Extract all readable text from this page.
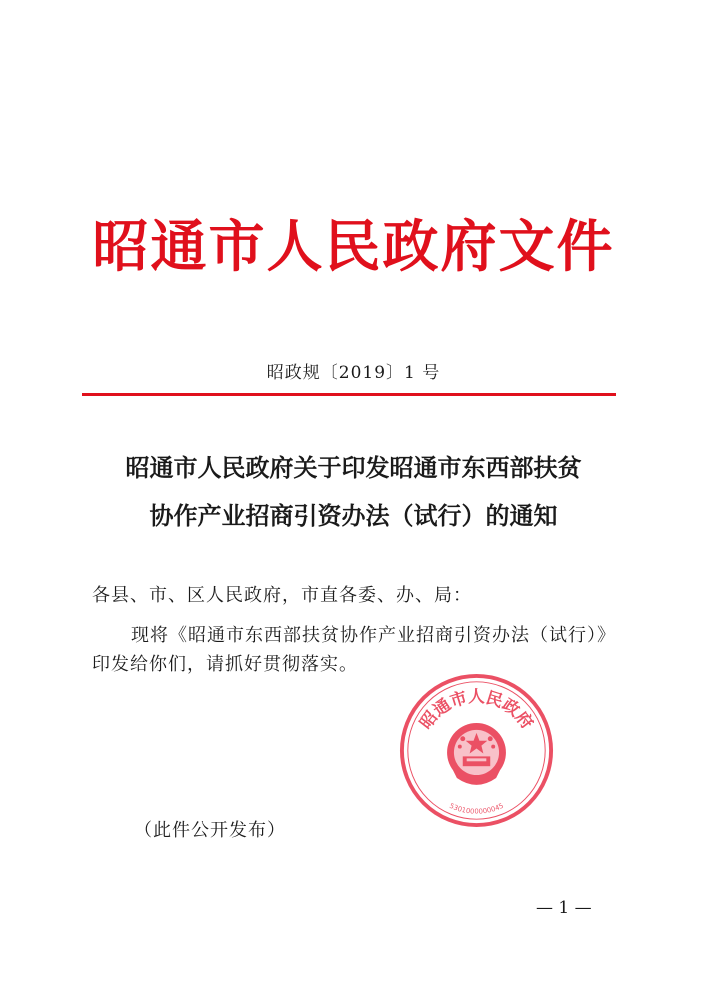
昭通市人民政府文件
昭政规〔2019〕1 号
昭通市人民政府关于印发昭通市东西部扶贫
协作产业招商引资办法（试行）的通知
各县、市、区人民政府，市直各委、办、局：
现将《昭通市东西部扶贫协作产业招商引资办法（试行）》
印发给你们，请抓好贯彻落实。
昭通市人民政府
5301000000045
（此件公开发布）
— 1 —
